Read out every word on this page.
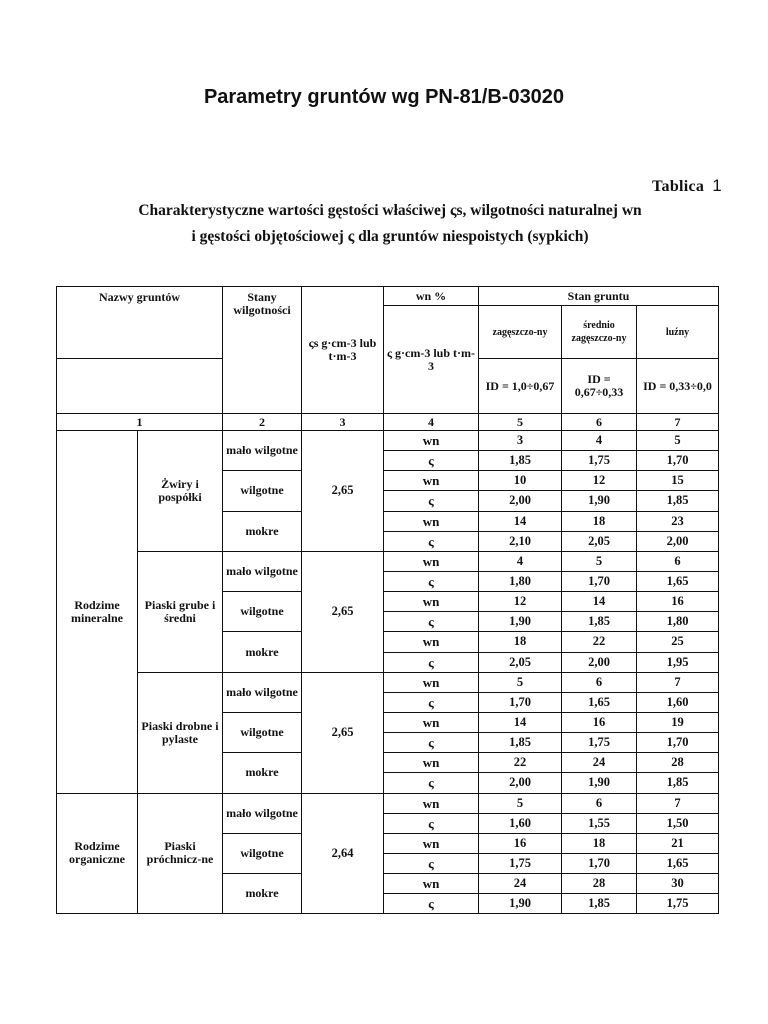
Parametry gruntów wg PN-81/B-03020
Tablica 1
Charakterystyczne wartości gęstości właściwej ςs, wilgotności naturalnej wn
i gęstości objętościowej ς dla gruntów niespoistych (sypkich)
Nazwy gruntów		Stany wilgotności	ςs g·cm-3 lub t·m-3	wn %	Stan gruntu		
				ς g·cm-3 lub t·m-3	zagęszczo-ny	średnio zagęszczo-ny	luźny
					ID = 1,0÷0,67	ID = 0,67÷0,33	ID = 0,33÷0,0
1		2	3	4	5	6	7
Rodzime mineralne	Żwiry i pospółki	mało wilgotne	2,65	wn	3	4	5
				ς	1,85	1,75	1,70
		wilgotne		wn	10	12	15
				ς	2,00	1,90	1,85
		mokre		wn	14	18	23
				ς	2,10	2,05	2,00
	Piaski grube i średni	mało wilgotne	2,65	wn	4	5	6
				ς	1,80	1,70	1,65
		wilgotne		wn	12	14	16
				ς	1,90	1,85	1,80
		mokre		wn	18	22	25
				ς	2,05	2,00	1,95
	Piaski drobne i pylaste	mało wilgotne	2,65	wn	5	6	7
				ς	1,70	1,65	1,60
		wilgotne		wn	14	16	19
				ς	1,85	1,75	1,70
		mokre		wn	22	24	28
				ς	2,00	1,90	1,85
Rodzime organiczne	Piaski próchnicz-ne	mało wilgotne	2,64	wn	5	6	7
				ς	1,60	1,55	1,50
		wilgotne		wn	16	18	21
				ς	1,75	1,70	1,65
		mokre		wn	24	28	30
				ς	1,90	1,85	1,75
